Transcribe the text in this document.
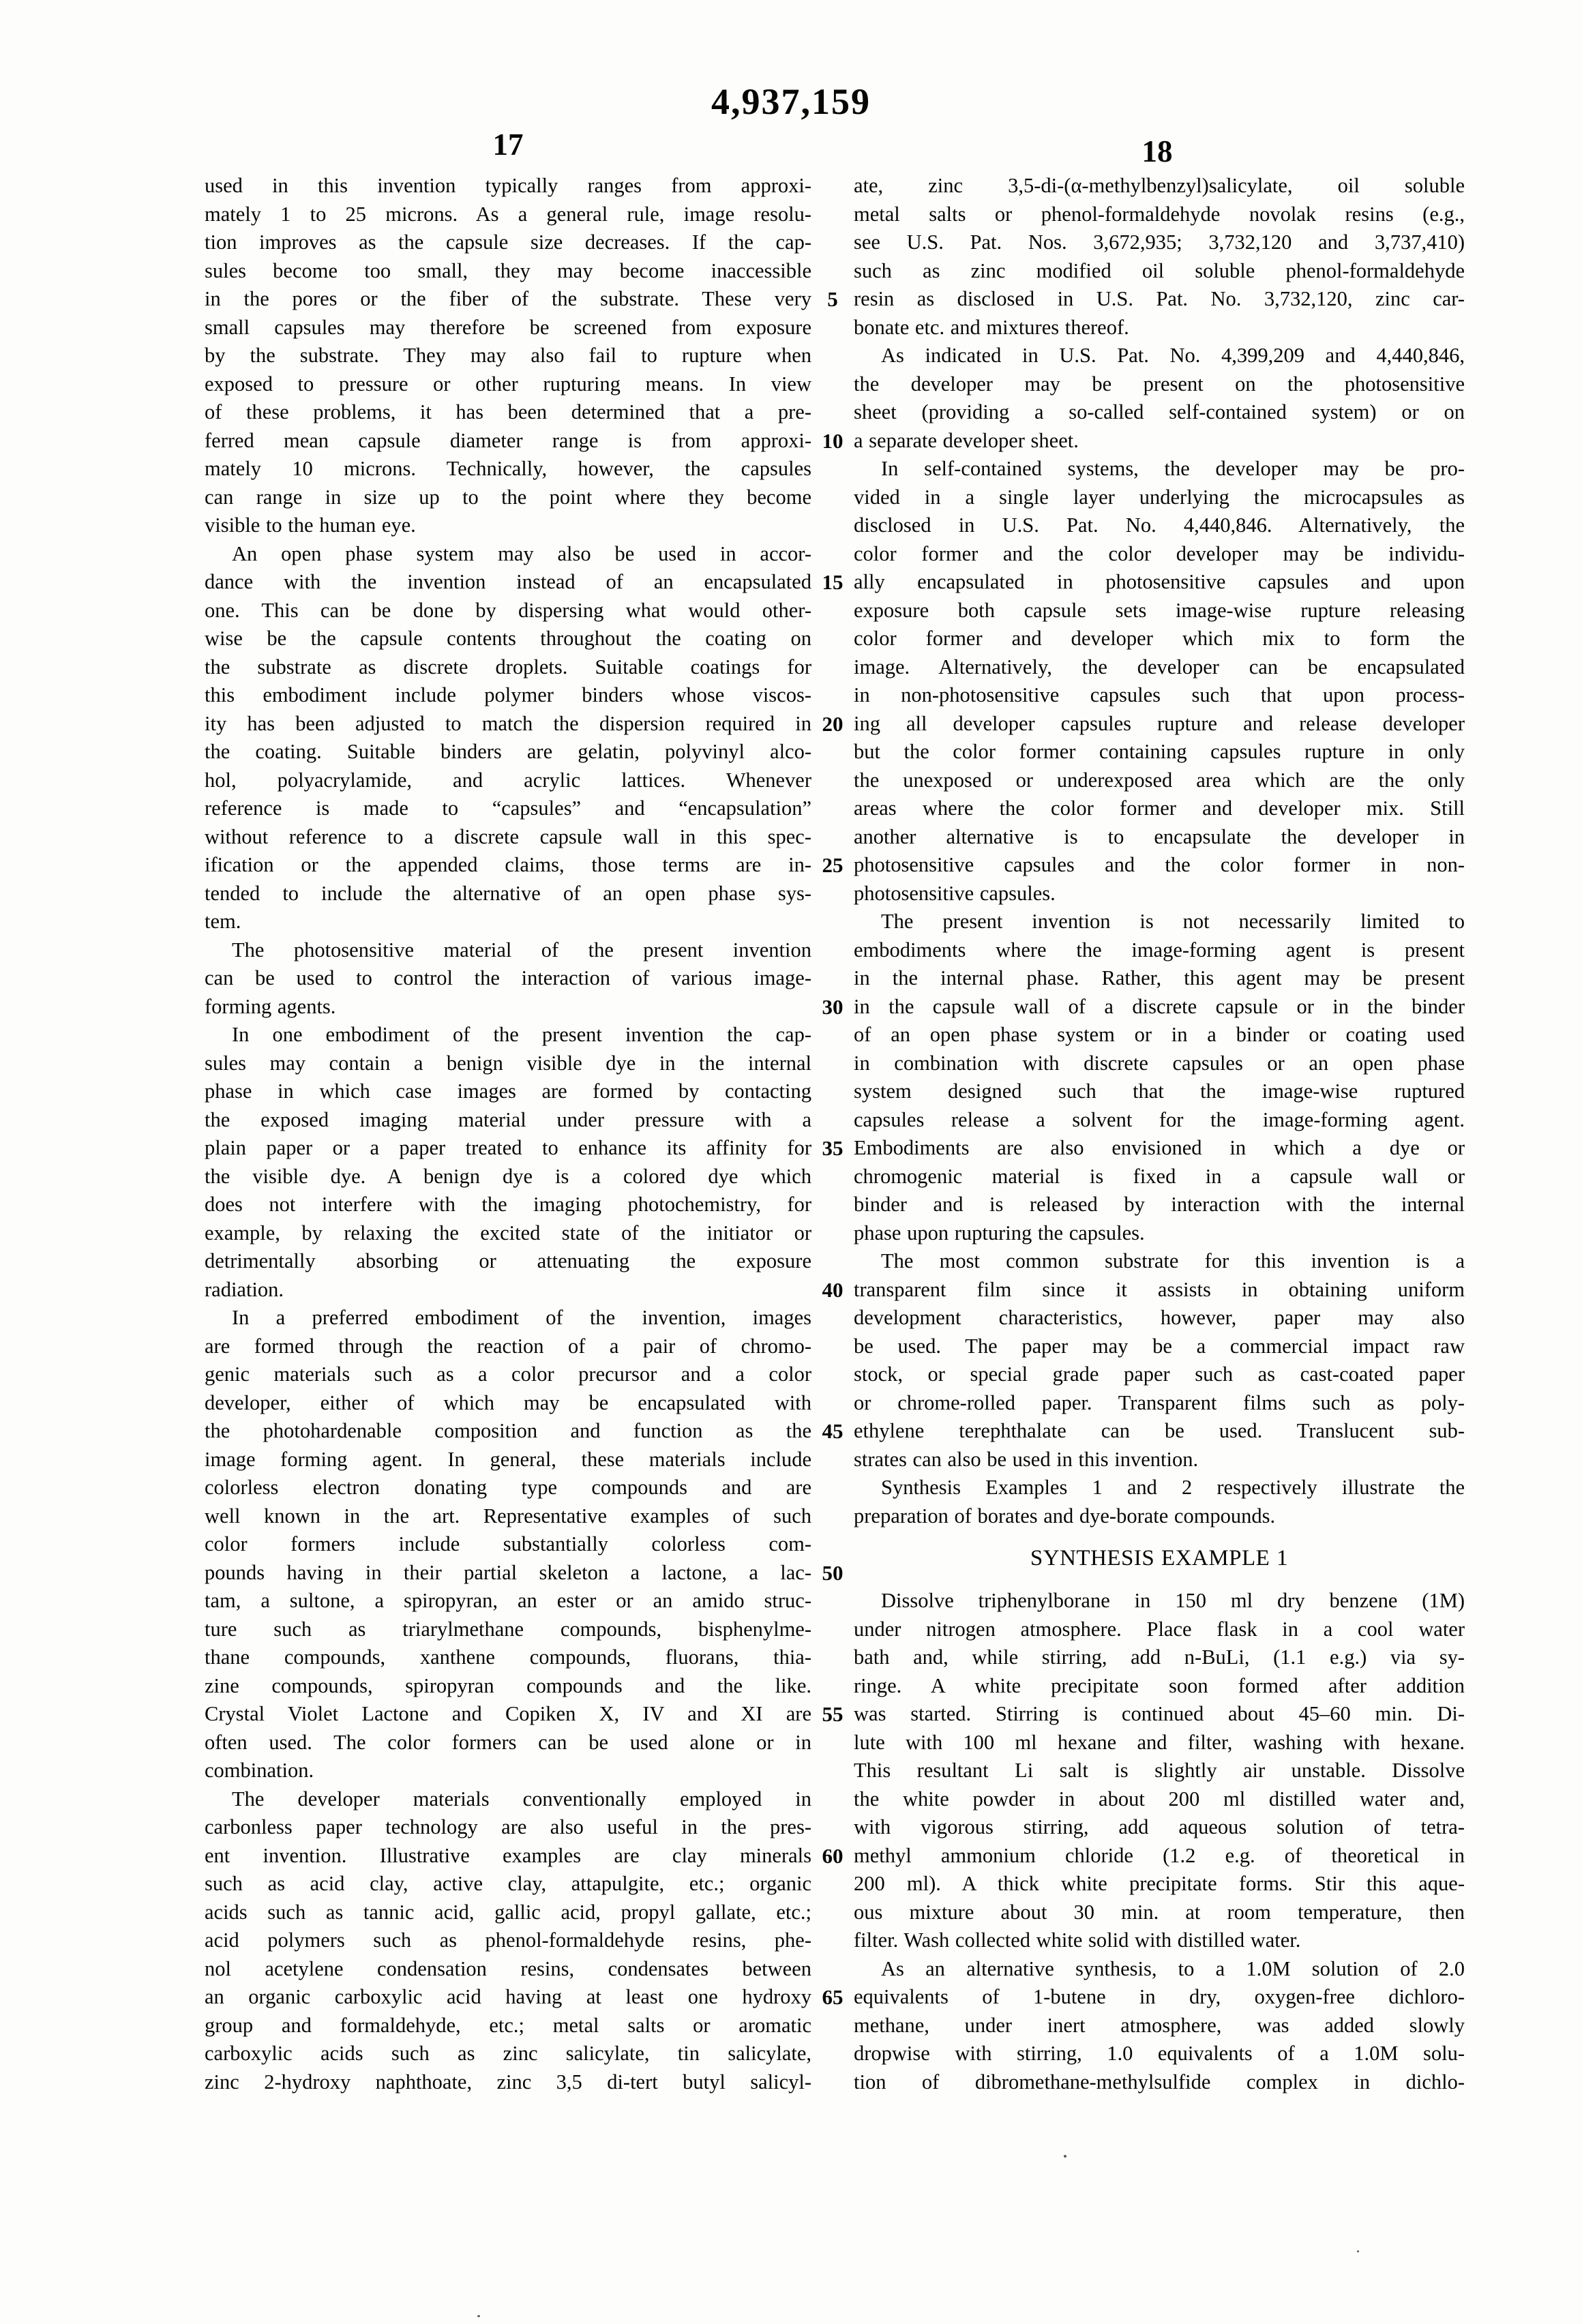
4,937,159
17	18
used in this invention typically ranges from approxi-
mately 1 to 25 microns. As a general rule, image resolu-
tion improves as the capsule size decreases. If the cap-
sules become too small, they may become inaccessible
in the pores or the fiber of the substrate. These very
small capsules may therefore be screened from exposure
by the substrate. They may also fail to rupture when
exposed to pressure or other rupturing means. In view
of these problems, it has been determined that a pre-
ferred mean capsule diameter range is from approxi-
mately 10 microns. Technically, however, the capsules
can range in size up to the point where they become
visible to the human eye.
An open phase system may also be used in accor-
dance with the invention instead of an encapsulated
one. This can be done by dispersing what would other-
wise be the capsule contents throughout the coating on
the substrate as discrete droplets. Suitable coatings for
this embodiment include polymer binders whose viscos-
ity has been adjusted to match the dispersion required in
the coating. Suitable binders are gelatin, polyvinyl alco-
hol, polyacrylamide, and acrylic lattices. Whenever
reference is made to “capsules” and “encapsulation”
without reference to a discrete capsule wall in this spec-
ification or the appended claims, those terms are in-
tended to include the alternative of an open phase sys-
tem.
The photosensitive material of the present invention
can be used to control the interaction of various image-
forming agents.
In one embodiment of the present invention the cap-
sules may contain a benign visible dye in the internal
phase in which case images are formed by contacting
the exposed imaging material under pressure with a
plain paper or a paper treated to enhance its affinity for
the visible dye. A benign dye is a colored dye which
does not interfere with the imaging photochemistry, for
example, by relaxing the excited state of the initiator or
detrimentally absorbing or attenuating the exposure
radiation.
In a preferred embodiment of the invention, images
are formed through the reaction of a pair of chromo-
genic materials such as a color precursor and a color
developer, either of which may be encapsulated with
the photohardenable composition and function as the
image forming agent. In general, these materials include
colorless electron donating type compounds and are
well known in the art. Representative examples of such
color formers include substantially colorless com-
pounds having in their partial skeleton a lactone, a lac-
tam, a sultone, a spiropyran, an ester or an amido struc-
ture such as triarylmethane compounds, bisphenylme-
thane compounds, xanthene compounds, fluorans, thia-
zine compounds, spiropyran compounds and the like.
Crystal Violet Lactone and Copiken X, IV and XI are
often used. The color formers can be used alone or in
combination.
The developer materials conventionally employed in
carbonless paper technology are also useful in the pres-
ent invention. Illustrative examples are clay minerals
such as acid clay, active clay, attapulgite, etc.; organic
acids such as tannic acid, gallic acid, propyl gallate, etc.;
acid polymers such as phenol-formaldehyde resins, phe-
nol acetylene condensation resins, condensates between
an organic carboxylic acid having at least one hydroxy
group and formaldehyde, etc.; metal salts or aromatic
carboxylic acids such as zinc salicylate, tin salicylate,
zinc 2-hydroxy naphthoate, zinc 3,5 di-tert butyl salicyl-
5
10
15
20
25
30
35
40
45
50
55
60
65
ate, zinc 3,5-di-(α-methylbenzyl)salicylate, oil soluble
metal salts or phenol-formaldehyde novolak resins (e.g.,
see U.S. Pat. Nos. 3,672,935; 3,732,120 and 3,737,410)
such as zinc modified oil soluble phenol-formaldehyde
resin as disclosed in U.S. Pat. No. 3,732,120, zinc car-
bonate etc. and mixtures thereof.
As indicated in U.S. Pat. No. 4,399,209 and 4,440,846,
the developer may be present on the photosensitive
sheet (providing a so-called self-contained system) or on
a separate developer sheet.
In self-contained systems, the developer may be pro-
vided in a single layer underlying the microcapsules as
disclosed in U.S. Pat. No. 4,440,846. Alternatively, the
color former and the color developer may be individu-
ally encapsulated in photosensitive capsules and upon
exposure both capsule sets image-wise rupture releasing
color former and developer which mix to form the
image. Alternatively, the developer can be encapsulated
in non-photosensitive capsules such that upon process-
ing all developer capsules rupture and release developer
but the color former containing capsules rupture in only
the unexposed or underexposed area which are the only
areas where the color former and developer mix. Still
another alternative is to encapsulate the developer in
photosensitive capsules and the color former in non-
photosensitive capsules.
The present invention is not necessarily limited to
embodiments where the image-forming agent is present
in the internal phase. Rather, this agent may be present
in the capsule wall of a discrete capsule or in the binder
of an open phase system or in a binder or coating used
in combination with discrete capsules or an open phase
system designed such that the image-wise ruptured
capsules release a solvent for the image-forming agent.
Embodiments are also envisioned in which a dye or
chromogenic material is fixed in a capsule wall or
binder and is released by interaction with the internal
phase upon rupturing the capsules.
The most common substrate for this invention is a
transparent film since it assists in obtaining uniform
development characteristics, however, paper may also
be used. The paper may be a commercial impact raw
stock, or special grade paper such as cast-coated paper
or chrome-rolled paper. Transparent films such as poly-
ethylene terephthalate can be used. Translucent sub-
strates can also be used in this invention.
Synthesis Examples 1 and 2 respectively illustrate the
preparation of borates and dye-borate compounds.
SYNTHESIS EXAMPLE 1
Dissolve triphenylborane in 150 ml dry benzene (1M)
under nitrogen atmosphere. Place flask in a cool water
bath and, while stirring, add n-BuLi, (1.1 e.g.) via sy-
ringe. A white precipitate soon formed after addition
was started. Stirring is continued about 45–60 min. Di-
lute with 100 ml hexane and filter, washing with hexane.
This resultant Li salt is slightly air unstable. Dissolve
the white powder in about 200 ml distilled water and,
with vigorous stirring, add aqueous solution of tetra-
methyl ammonium chloride (1.2 e.g. of theoretical in
200 ml). A thick white precipitate forms. Stir this aque-
ous mixture about 30 min. at room temperature, then
filter. Wash collected white solid with distilled water.
As an alternative synthesis, to a 1.0M solution of 2.0
equivalents of 1-butene in dry, oxygen-free dichloro-
methane, under inert atmosphere, was added slowly
dropwise with stirring, 1.0 equivalents of a 1.0M solu-
tion of dibromethane-methylsulfide complex in dichlo-
